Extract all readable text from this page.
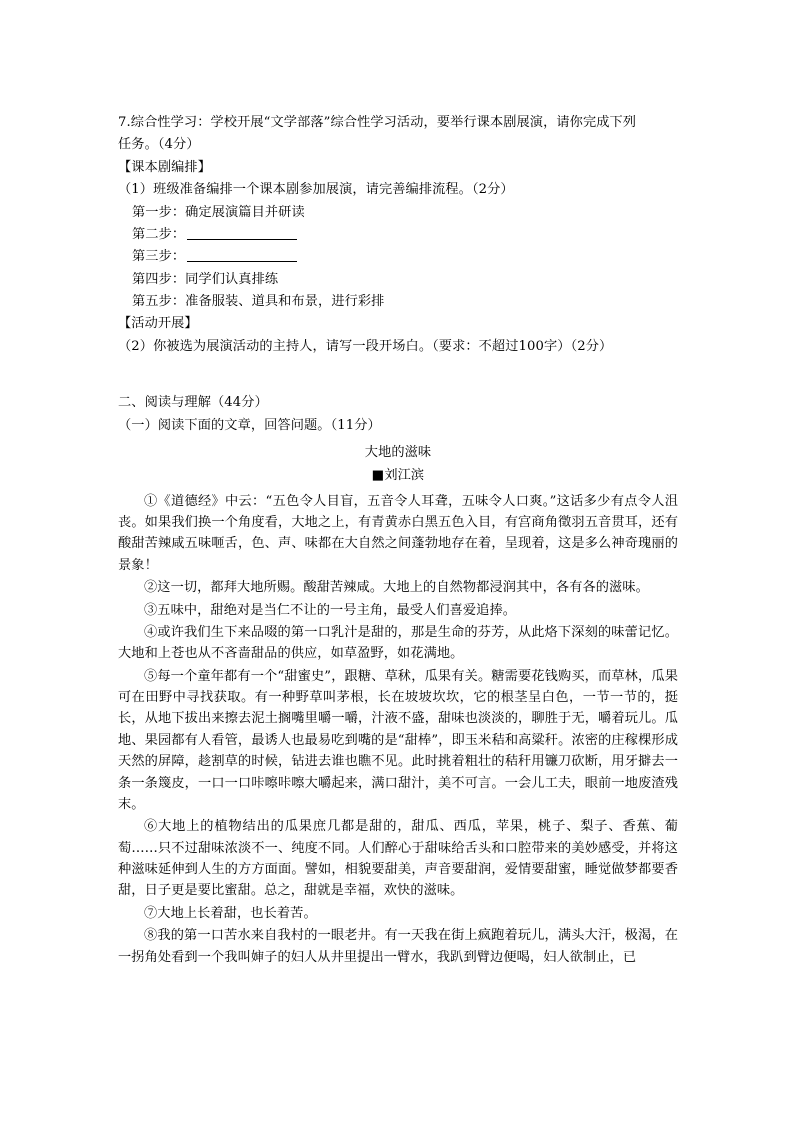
7.综合性学习：学校开展“文学部落”综合性学习活动，要举行课本剧展演，请你完成下列

任务。（4分）

【课本剧编排】

（1）班级准备编排一个课本剧参加展演，请完善编排流程。（2分）

第一步：确定展演篇目并研读

第二步：

第三步：

第四步：同学们认真排练

第五步：准备服装、道具和布景，进行彩排

【活动开展】

（2）你被选为展演活动的主持人，请写一段开场白。（要求：不超过100字）（2分）

二、阅读与理解（44分）

（一）阅读下面的文章，回答问题。（11分）

大地的滋味

■刘江滨

①《道德经》中云：“五色令人目盲，五音令人耳聋，五味令人口爽。”这话多少有点令人沮丧。如果我们换一个角度看，大地之上，有青黄赤白黑五色入目，有宫商角徵羽五音贯耳，还有酸甜苦辣咸五味咂舌，色、声、味都在大自然之间蓬勃地存在着，呈现着，这是多么神奇瑰丽的景象！

②这一切，都拜大地所赐。酸甜苦辣咸。大地上的自然物都浸润其中，各有各的滋味。

③五味中，甜绝对是当仁不让的一号主角，最受人们喜爱追捧。

④或许我们生下来品啜的第一口乳汁是甜的，那是生命的芬芳，从此烙下深刻的味蕾记忆。大地和上苍也从不吝啬甜品的供应，如草盈野，如花满地。

⑤每一个童年都有一个“甜蜜史”，跟糖、草秫，瓜果有关。糖需要花钱购买，而草林，瓜果可在田野中寻找获取。有一种野草叫茅根，长在坡坡坎坎，它的根茎呈白色，一节一节的，挺长，从地下拔出来擦去泥土搁嘴里嚼一嚼，汁液不盛，甜味也淡淡的，聊胜于无，嚼着玩儿。瓜地、果园都有人看管，最诱人也最易吃到嘴的是“甜棒”，即玉米秸和高粱秆。浓密的庄稼棵形成天然的屏障，趁割草的时候，钻进去谁也瞧不见。此时挑着粗壮的秸秆用镰刀砍断，用牙擗去一条一条篾皮，一口一口咔嚓咔嚓大嚼起来，满口甜汁，美不可言。一会儿工夫，眼前一地废渣残末。

⑥大地上的植物结出的瓜果庶几都是甜的，甜瓜、西瓜，苹果，桃子、梨子、香蕉、葡萄……只不过甜味浓淡不一、纯度不同。人们醉心于甜味给舌头和口腔带来的美妙感受，并将这种滋味延伸到人生的方方面面。譬如，相貌要甜美，声音要甜润，爱情要甜蜜，睡觉做梦都要香甜，日子更是要比蜜甜。总之，甜就是幸福，欢快的滋味。

⑦大地上长着甜，也长着苦。

⑧我的第一口苦水来自我村的一眼老井。有一天我在街上疯跑着玩儿，满头大汗，极渴，在一拐角处看到一个我叫婶子的妇人从井里提出一臂水，我趴到臂边便喝，妇人欲制止，已
